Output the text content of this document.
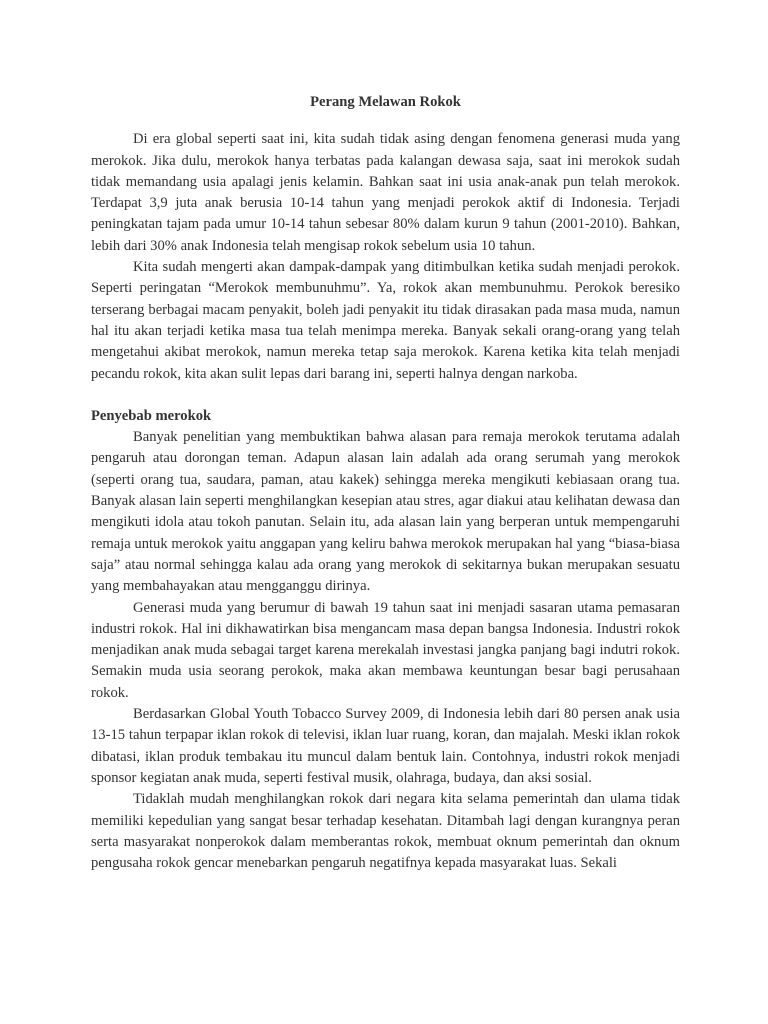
Perang Melawan Rokok

Di era global seperti saat ini, kita sudah tidak asing dengan fenomena generasi muda yang merokok. Jika dulu, merokok hanya terbatas pada kalangan dewasa saja, saat ini merokok sudah tidak memandang usia apalagi jenis kelamin. Bahkan saat ini usia anak-anak pun telah merokok. Terdapat 3,9 juta anak berusia 10-14 tahun yang menjadi perokok aktif di Indonesia. Terjadi peningkatan tajam pada umur 10-14 tahun sebesar 80% dalam kurun 9 tahun (2001-2010). Bahkan, lebih dari 30% anak Indonesia telah mengisap rokok sebelum usia 10 tahun.

Kita sudah mengerti akan dampak-dampak yang ditimbulkan ketika sudah menjadi perokok. Seperti peringatan “Merokok membunuhmu”. Ya, rokok akan membunuhmu. Perokok beresiko terserang berbagai macam penyakit, boleh jadi penyakit itu tidak dirasakan pada masa muda, namun hal itu akan terjadi ketika masa tua telah menimpa mereka. Banyak sekali orang-orang yang telah mengetahui akibat merokok, namun mereka tetap saja merokok. Karena ketika kita telah menjadi pecandu rokok, kita akan sulit lepas dari barang ini, seperti halnya dengan narkoba.

Penyebab merokok

Banyak penelitian yang membuktikan bahwa alasan para remaja merokok terutama adalah pengaruh atau dorongan teman. Adapun alasan lain adalah ada orang serumah yang merokok (seperti orang tua, saudara, paman, atau kakek) sehingga mereka mengikuti kebiasaan orang tua. Banyak alasan lain seperti menghilangkan kesepian atau stres, agar diakui atau kelihatan dewasa dan mengikuti idola atau tokoh panutan. Selain itu, ada alasan lain yang berperan untuk mempengaruhi remaja untuk merokok yaitu anggapan yang keliru bahwa merokok merupakan hal yang “biasa-biasa saja” atau normal sehingga kalau ada orang yang merokok di sekitarnya bukan merupakan sesuatu yang membahayakan atau mengganggu dirinya.

Generasi muda yang berumur di bawah 19 tahun saat ini menjadi sasaran utama pemasaran industri rokok. Hal ini dikhawatirkan bisa mengancam masa depan bangsa Indonesia. Industri rokok menjadikan anak muda sebagai target karena merekalah investasi jangka panjang bagi indutri rokok. Semakin muda usia seorang perokok, maka akan membawa keuntungan besar bagi perusahaan rokok.

Berdasarkan Global Youth Tobacco Survey 2009, di Indonesia lebih dari 80 persen anak usia 13-15 tahun terpapar iklan rokok di televisi, iklan luar ruang, koran, dan majalah. Meski iklan rokok dibatasi, iklan produk tembakau itu muncul dalam bentuk lain. Contohnya, industri rokok menjadi sponsor kegiatan anak muda, seperti festival musik, olahraga, budaya, dan aksi sosial.

Tidaklah mudah menghilangkan rokok dari negara kita selama pemerintah dan ulama tidak memiliki kepedulian yang sangat besar terhadap kesehatan. Ditambah lagi dengan kurangnya peran serta masyarakat nonperokok dalam memberantas rokok, membuat oknum pemerintah dan oknum pengusaha rokok gencar menebarkan pengaruh negatifnya kepada masyarakat luas. Sekali
